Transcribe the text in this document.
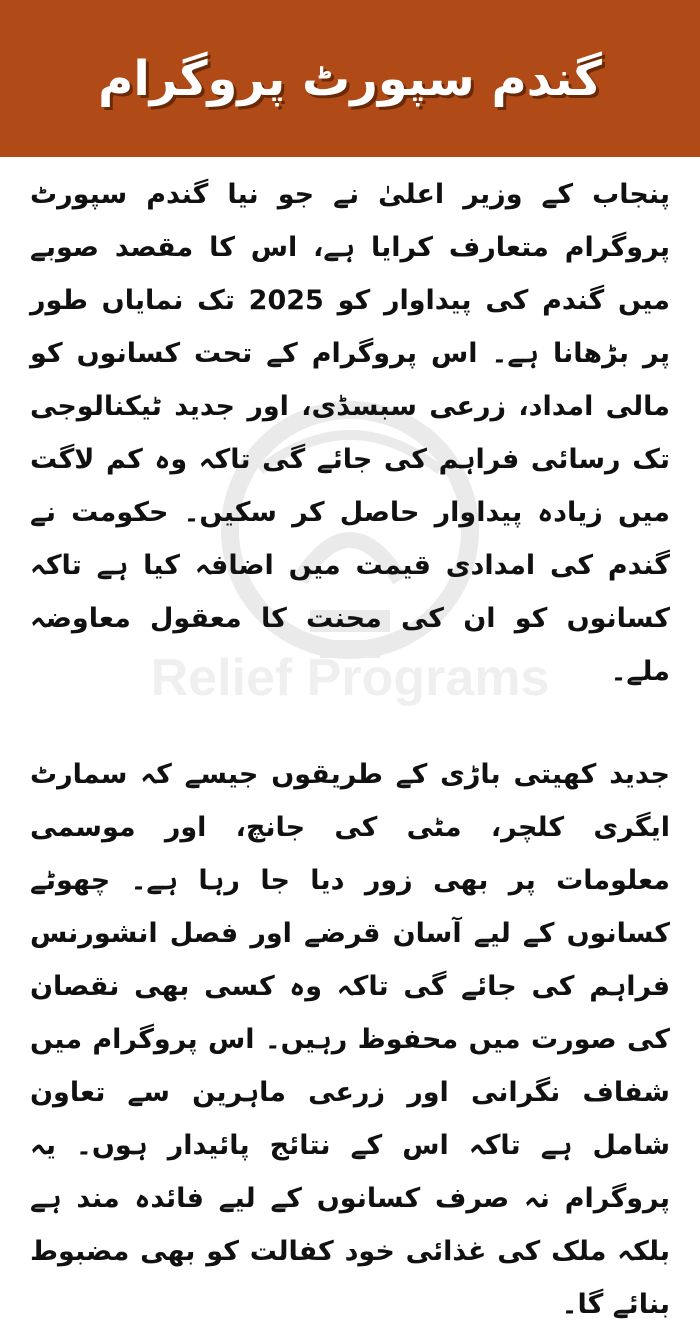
گندم سپورٹ پروگرام
Relief Programs

پنجاب کے وزیر اعلیٰ نے جو نیا گندم سپورٹ پروگرام متعارف کرایا ہے، اس کا مقصد صوبے میں گندم کی پیداوار کو 2025 تک نمایاں طور پر بڑھانا ہے۔ اس پروگرام کے تحت کسانوں کو مالی امداد، زرعی سبسڈی، اور جدید ٹیکنالوجی تک رسائی فراہم کی جائے گی تاکہ وہ کم لاگت میں زیادہ پیداوار حاصل کر سکیں۔ حکومت نے گندم کی امدادی قیمت میں اضافہ کیا ہے تاکہ کسانوں کو ان کی محنت کا معقول معاوضہ ملے۔

جدید کھیتی باڑی کے طریقوں جیسے کہ سمارٹ ایگری کلچر، مٹی کی جانچ، اور موسمی معلومات پر بھی زور دیا جا رہا ہے۔ چھوٹے کسانوں کے لیے آسان قرضے اور فصل انشورنس فراہم کی جائے گی تاکہ وہ کسی بھی نقصان کی صورت میں محفوظ رہیں۔ اس پروگرام میں شفاف نگرانی اور زرعی ماہرین سے تعاون شامل ہے تاکہ اس کے نتائج پائیدار ہوں۔ یہ پروگرام نہ صرف کسانوں کے لیے فائدہ مند ہے بلکہ ملک کی غذائی خود کفالت کو بھی مضبوط بنائے گا۔
